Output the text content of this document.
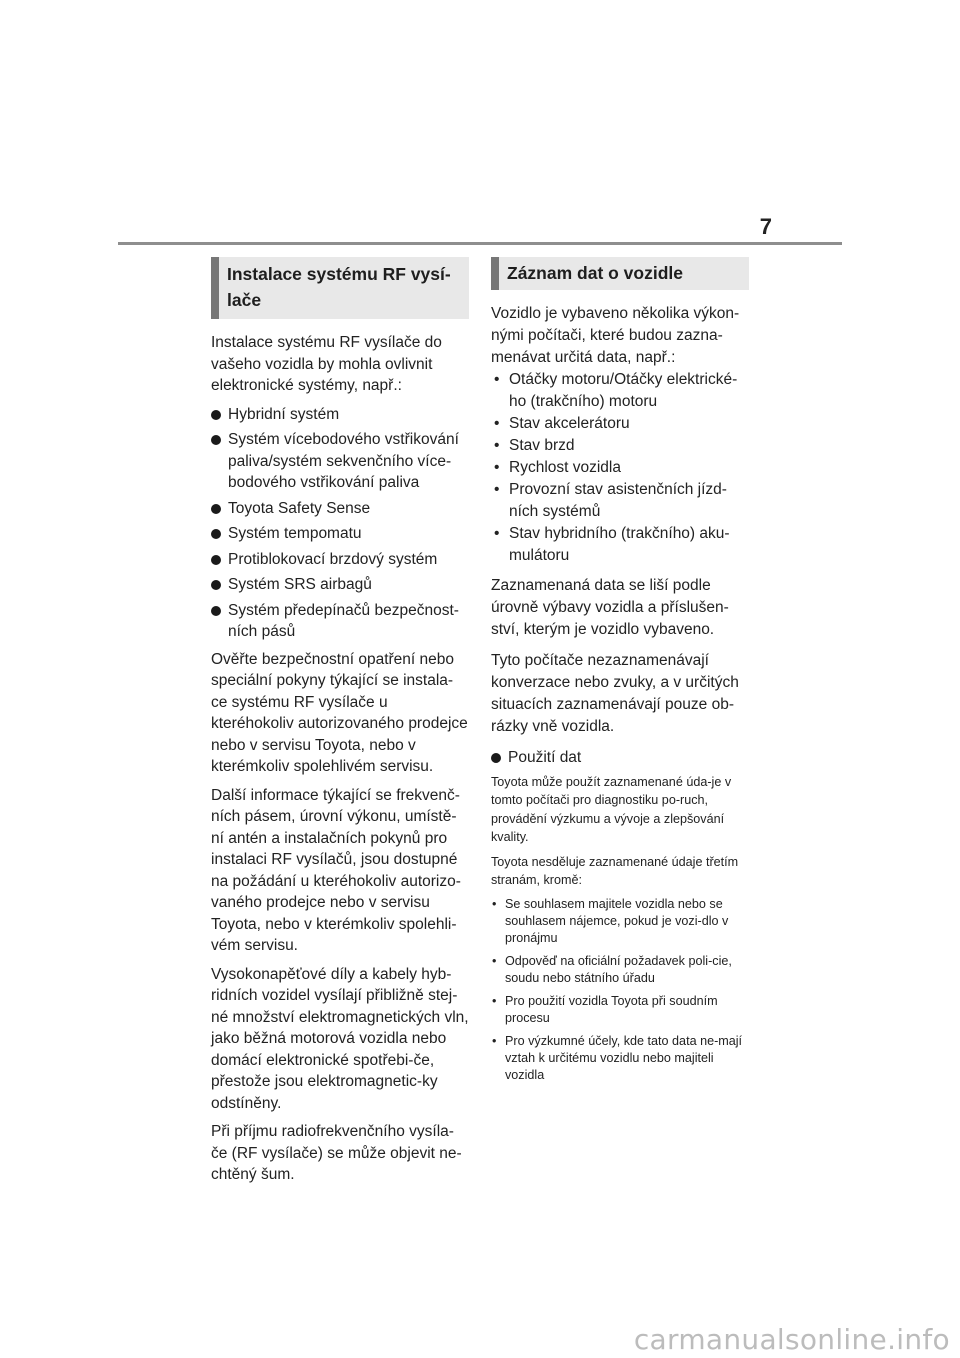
7
Instalace systému RF vysí-lače

Instalace systému RF vysílače do vašeho vozidla by mohla ovlivnit elektronické systémy, např.:

Hybridní systém
Systém vícebodového vstřikování paliva/systém sekvenčního více-bodového vstřikování paliva
Toyota Safety Sense
Systém tempomatu
Protiblokovací brzdový systém
Systém SRS airbagů
Systém předepínačů bezpečnost-ních pásů

Ověřte bezpečnostní opatření nebo speciální pokyny týkající se instala-ce systému RF vysílače u kteréhokoliv autorizovaného prodejce nebo v servisu Toyota, nebo v kterémkoliv spolehlivém servisu.

Další informace týkající se frekvenč-ních pásem, úrovní výkonu, umístě-ní antén a instalačních pokynů pro instalaci RF vysílačů, jsou dostupné na požádání u kteréhokoliv autorizo-vaného prodejce nebo v servisu Toyota, nebo v kterémkoliv spolehli-vém servisu.

Vysokonapěťové díly a kabely hyb-ridních vozidel vysílají přibližně stej-né množství elektromagnetických vln, jako běžná motorová vozidla nebo domácí elektronické spotřebi-če, přestože jsou elektromagnetic-ky odstíněny.

Při příjmu radiofrekvenčního vysíla-če (RF vysílače) se může objevit ne-chtěný šum.

Záznam dat o vozidle

Vozidlo je vybaveno několika výkon-nými počítači, které budou zazna-menávat určitá data, např.:

• Otáčky motoru/Otáčky elektrické-ho (trakčního) motoru
• Stav akcelerátoru
• Stav brzd
• Rychlost vozidla
• Provozní stav asistenčních jízd-ních systémů
• Stav hybridního (trakčního) aku-mulátoru

Zaznamenaná data se liší podle úrovně výbavy vozidla a příslušen-ství, kterým je vozidlo vybaveno.

Tyto počítače nezaznamenávají konverzace nebo zvuky, a v určitých situacích zaznamenávají pouze ob-rázky vně vozidla.

Použití dat

Toyota může použít zaznamenané úda-je v tomto počítači pro diagnostiku po-ruch, provádění výzkumu a vývoje a zlepšování kvality.

Toyota nesděluje zaznamenané údaje třetím stranám, kromě:

• Se souhlasem majitele vozidla nebo se souhlasem nájemce, pokud je vozi-dlo v pronájmu
• Odpověď na oficiální požadavek poli-cie, soudu nebo státního úřadu
• Pro použití vozidla Toyota při soudním procesu
• Pro výzkumné účely, kde tato data ne-mají vztah k určitému vozidlu nebo majiteli vozidla
carmanualsonline.info
